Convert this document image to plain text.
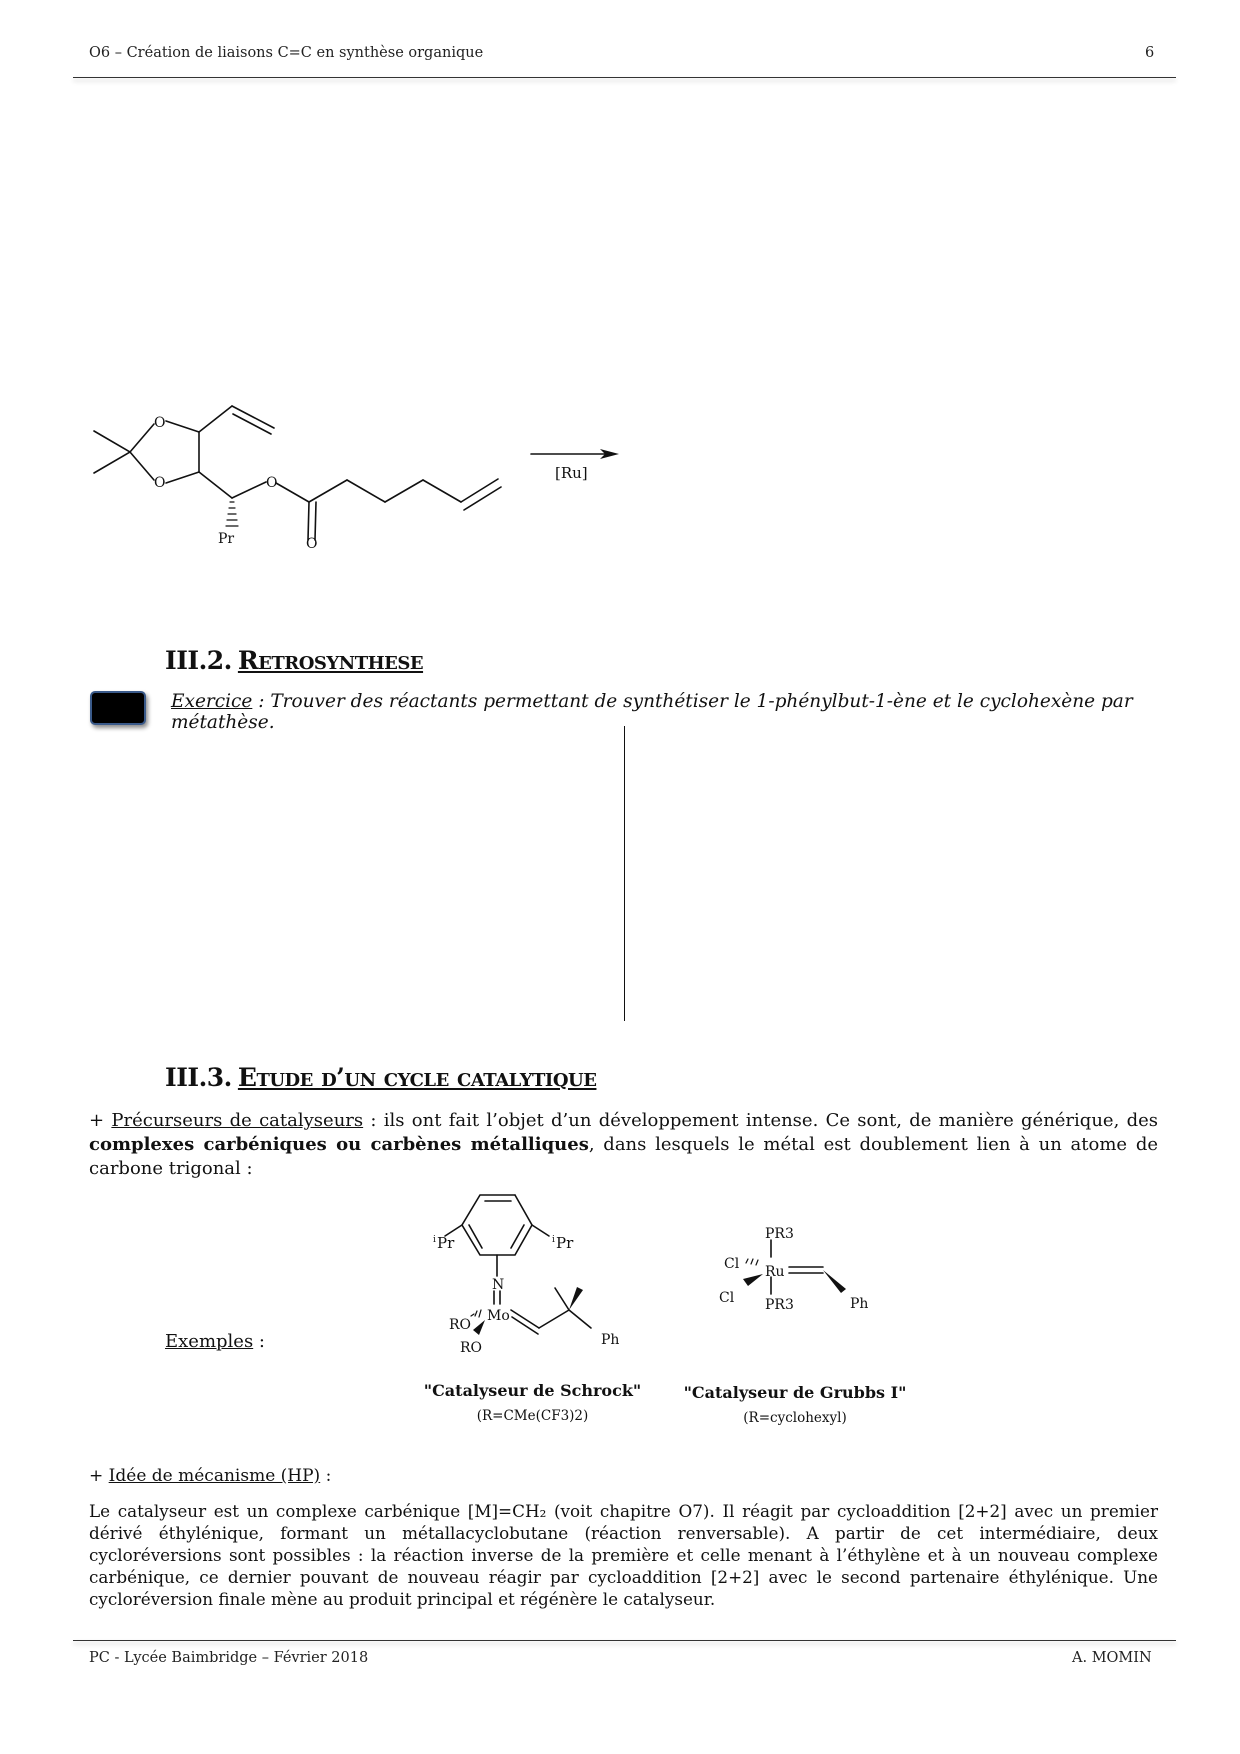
O6 – Création de liaisons C=C en synthèse organique	6
O
O	O
O
Pr
[Ru]
III.2. Retrosynthese
Exercice : Trouver des réactants permettant de synthétiser le 1-phénylbut-1-ène et le cyclohexène par métathèse.
III.3. Etude d’un cycle catalytique
+ Précurseurs de catalyseurs : ils ont fait l’objet d’un développement intense. Ce sont, de manière générique, des complexes carbéniques ou carbènes métalliques, dans lesquels le métal est doublement lien à un atome de carbone trigonal :
Exemples :
i Pr	i Pr
N
Mo
RO
RO	Ph
PR3
PR3
Cl
Cl
Ru
Ph
"Catalyseur de Schrock"
(R=CMe(CF3)2)
"Catalyseur de Grubbs I"
(R=cyclohexyl)
+ Idée de mécanisme (HP) :
Le catalyseur est un complexe carbénique [M]=CH₂ (voit chapitre O7). Il réagit par cycloaddition [2+2] avec un premier dérivé éthylénique, formant un métallacyclobutane (réaction renversable). A partir de cet intermédiaire, deux cycloréversions sont possibles : la réaction inverse de la première et celle menant à l’éthylène et à un nouveau complexe carbénique, ce dernier pouvant de nouveau réagir par cycloaddition [2+2] avec le second partenaire éthylénique. Une cycloréversion finale mène au produit principal et régénère le catalyseur.
PC - Lycée Baimbridge – Février 2018	A. MOMIN
